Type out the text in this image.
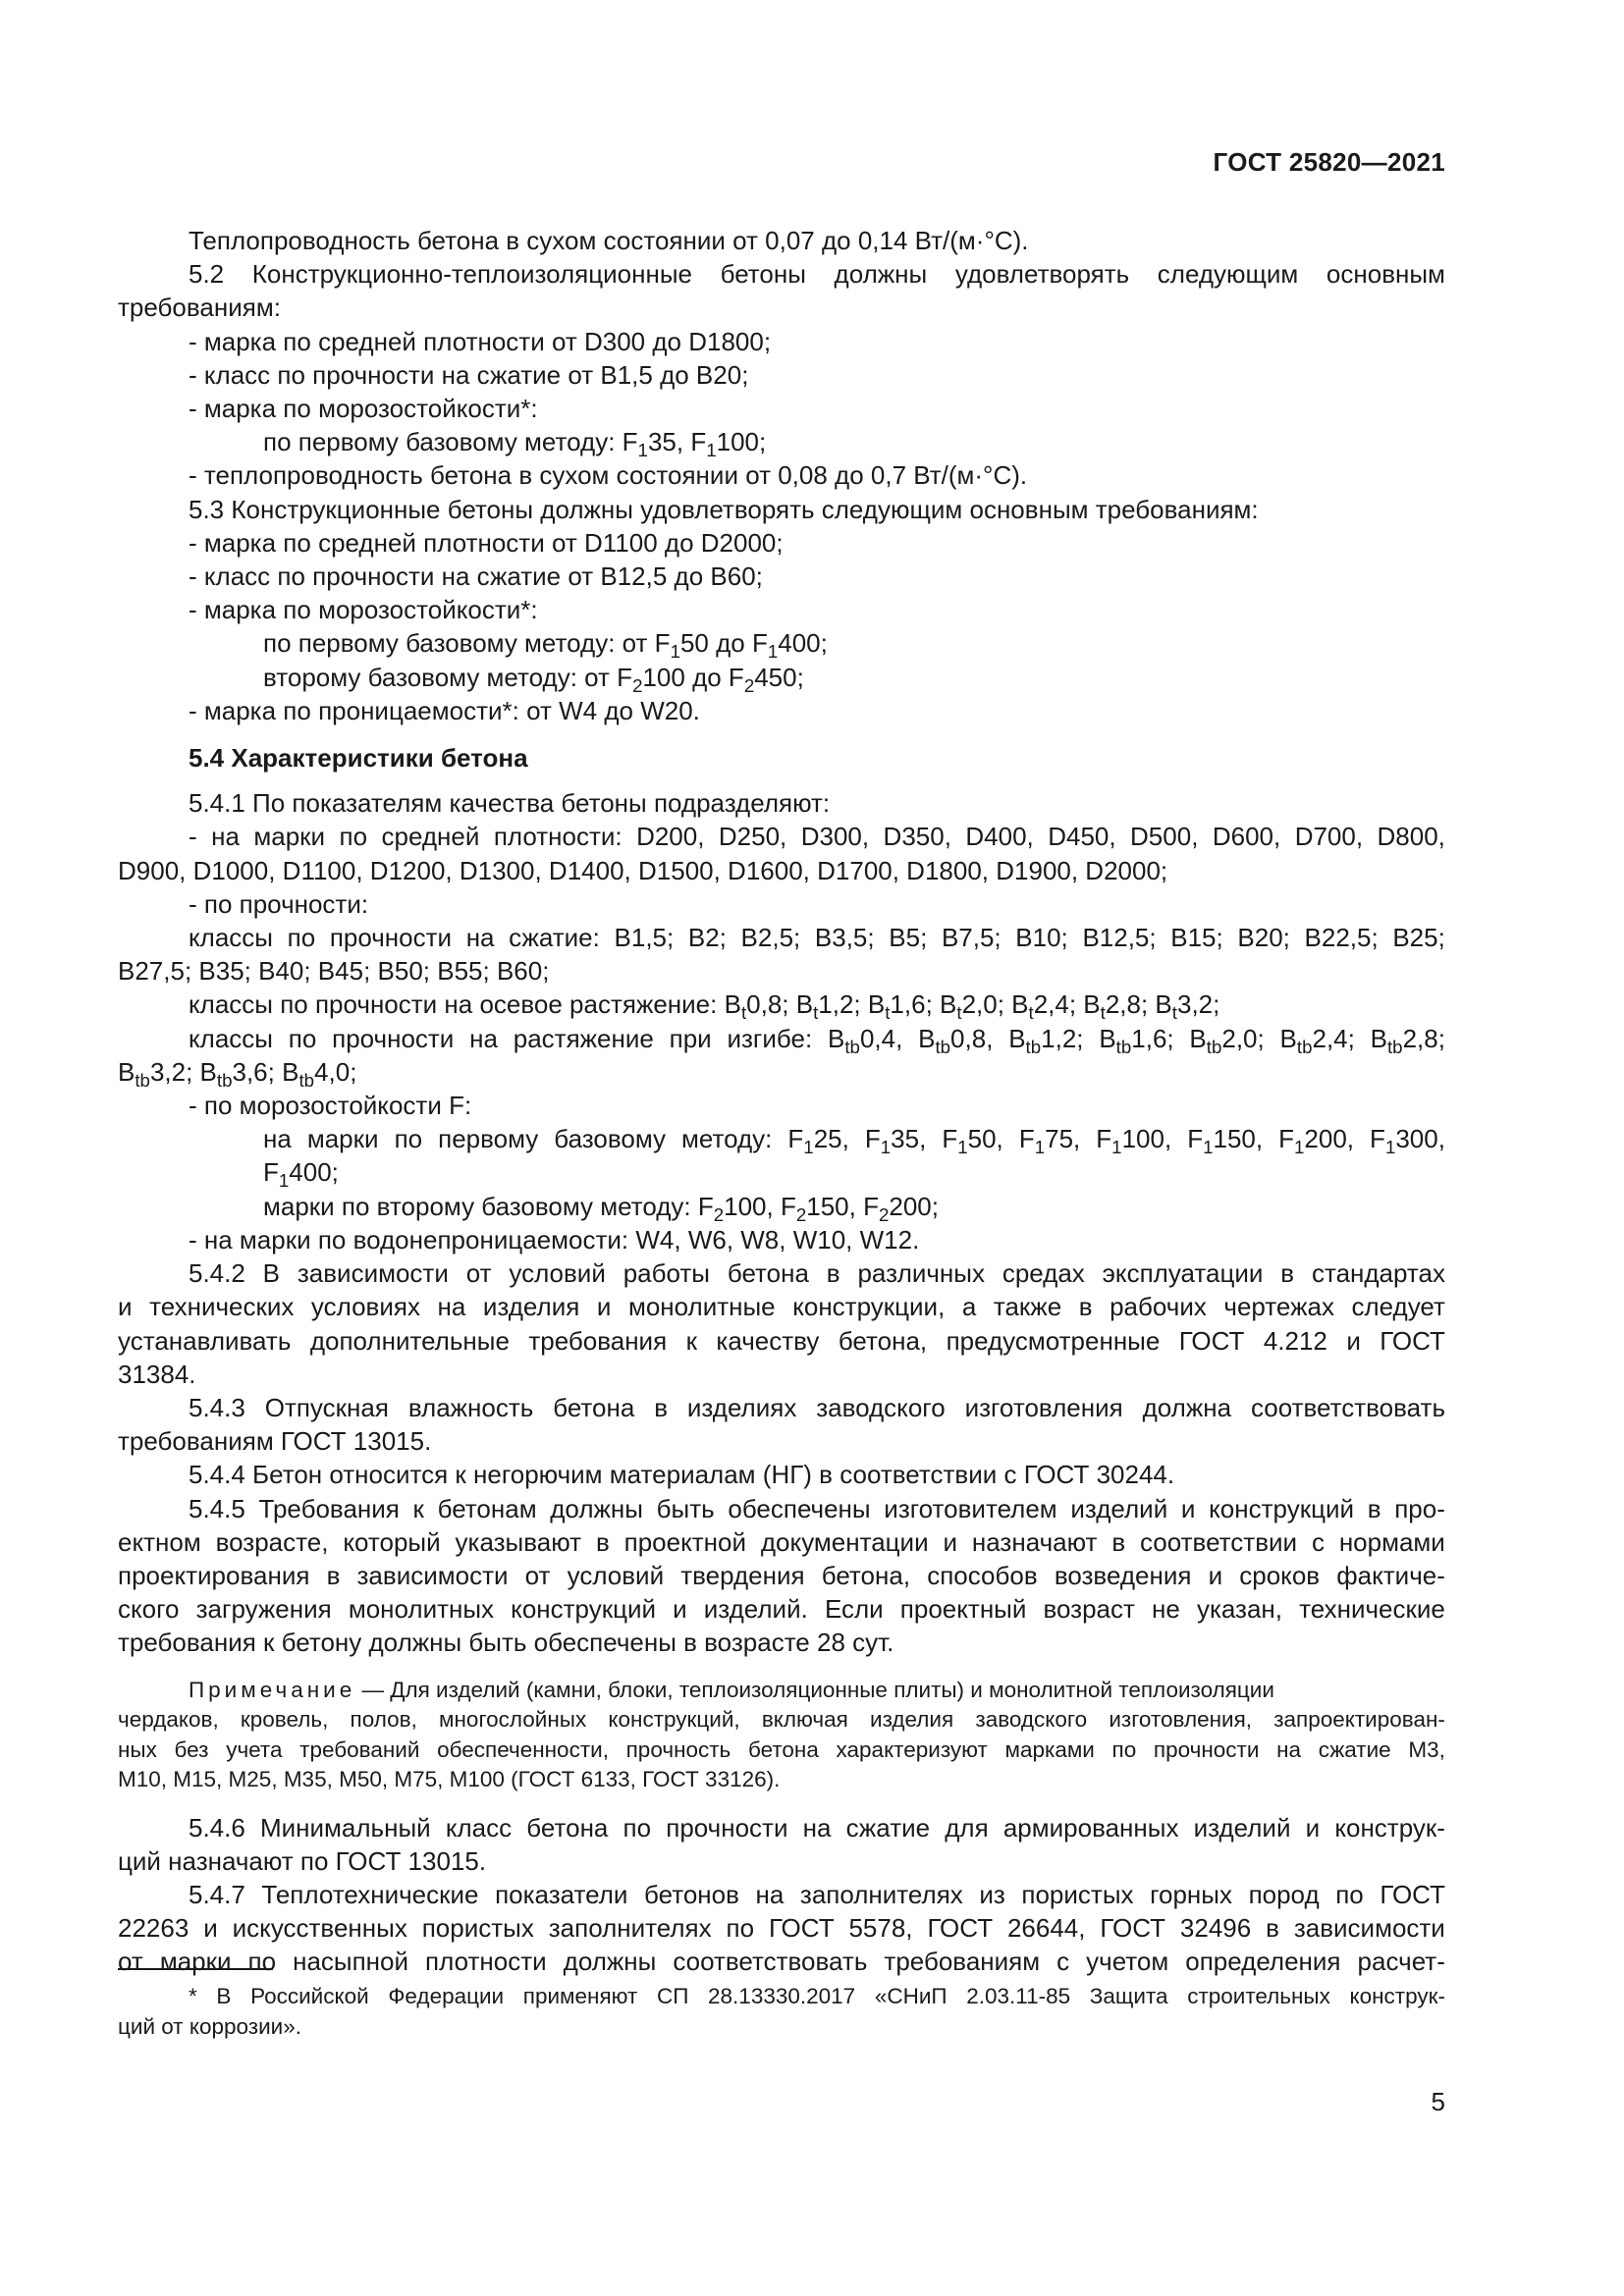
ГОСТ 25820—2021
Теплопроводность бетона в сухом состоянии от 0,07 до 0,14 Вт/(м·°С).
5.2 Конструкционно-теплоизоляционные бетоны должны удовлетворять следующим основным
требованиям:
- марка по средней плотности от D300 до D1800;
- класс по прочности на сжатие от В1,5 до В20;
- марка по морозостойкости*:
по первому базовому методу: $F_135$, $F_1100$;
- теплопроводность бетона в сухом состоянии от 0,08 до 0,7 Вт/(м·°С).
5.3 Конструкционные бетоны должны удовлетворять следующим основным требованиям:
- марка по средней плотности от D1100 до D2000;
- класс по прочности на сжатие от В12,5 до В60;
- марка по морозостойкости*:
по первому базовому методу: от $F_150$ до $F_1400$;
второму базовому методу: от $F_2100$ до $F_2450$;
- марка по проницаемости*: от W4 до W20.
5.4 Характеристики бетона
5.4.1 По показателям качества бетоны подразделяют:
- на марки по средней плотности: D200, D250, D300, D350, D400, D450, D500, D600, D700, D800,
D900, D1000, D1100, D1200, D1300, D1400, D1500, D1600, D1700, D1800, D1900, D2000;
- по прочности:
классы по прочности на сжатие: В1,5; В2; В2,5; В3,5; В5; В7,5; В10; В12,5; В15; В20; В22,5; В25;
В27,5; В35; В40; В45; В50; В55; В60;
классы по прочности на осевое растяжение: $В_t0,8$; $В_t1,2$; $В_t1,6$; $В_t2,0$; $В_t2,4$; $В_t2,8$; $В_t3,2$;
классы по прочности на растяжение при изгибе: $В_{tb}0,4$, $В_{tb}0,8$, $В_{tb}1,2$; $В_{tb}1,6$; $В_{tb}2,0$; $В_{tb}2,4$; $В_{tb}2,8$;
$В_{tb}3,2$; $В_{tb}3,6$; $В_{tb}4,0$;
- по морозостойкости F:
на марки по первому базовому методу: $F_125$, $F_135$, $F_150$, $F_175$, $F_1100$, $F_1150$, $F_1200$, $F_1300$,
$F_1400$;
марки по второму базовому методу: $F_2100$, $F_2150$, $F_2200$;
- на марки по водонепроницаемости: W4, W6, W8, W10, W12.
5.4.2 В зависимости от условий работы бетона в различных средах эксплуатации в стандартах
и технических условиях на изделия и монолитные конструкции, а также в рабочих чертежах следует
устанавливать дополнительные требования к качеству бетона, предусмотренные ГОСТ 4.212 и ГОСТ
31384.
5.4.3 Отпускная влажность бетона в изделиях заводского изготовления должна соответствовать
требованиям ГОСТ 13015.
5.4.4 Бетон относится к негорючим материалам (НГ) в соответствии с ГОСТ 30244.
5.4.5 Требования к бетонам должны быть обеспечены изготовителем изделий и конструкций в про-
ектном возрасте, который указывают в проектной документации и назначают в соответствии с нормами
проектирования в зависимости от условий твердения бетона, способов возведения и сроков фактиче-
ского загружения монолитных конструкций и изделий. Если проектный возраст не указан, технические
требования к бетону должны быть обеспечены в возрасте 28 сут.
Примечание — Для изделий (камни, блоки, теплоизоляционные плиты) и монолитной теплоизоляции
чердаков, кровель, полов, многослойных конструкций, включая изделия заводского изготовления, запроектирован-
ных без учета требований обеспеченности, прочность бетона характеризуют марками по прочности на сжатие М3,
М10, М15, М25, М35, М50, М75, М100 (ГОСТ 6133, ГОСТ 33126).
5.4.6 Минимальный класс бетона по прочности на сжатие для армированных изделий и конструк-
ций назначают по ГОСТ 13015.
5.4.7 Теплотехнические показатели бетонов на заполнителях из пористых горных пород по ГОСТ
22263 и искусственных пористых заполнителях по ГОСТ 5578, ГОСТ 26644, ГОСТ 32496 в зависимости
от марки по насыпной плотности должны соответствовать требованиям с учетом определения расчет-
* В Российской Федерации применяют СП 28.13330.2017 «СНиП 2.03.11-85 Защита строительных конструк-
ций от коррозии».
5
